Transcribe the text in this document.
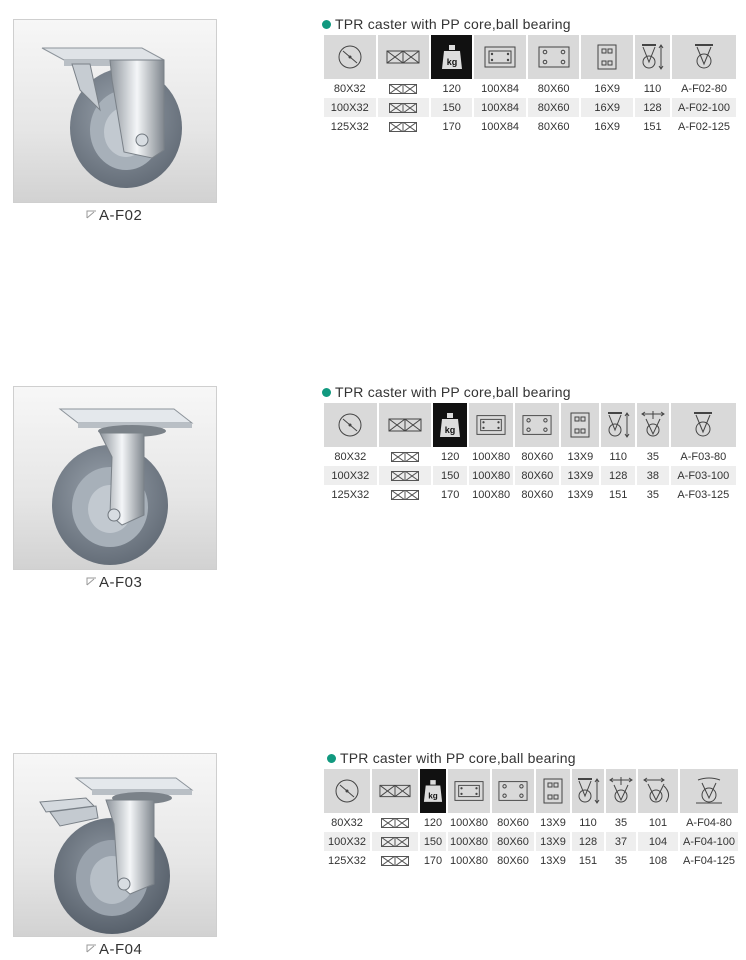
A-F02
TPR caster with PP core,ball bearing

kg

80X32		120	100X84	80X60	16X9	110	A-F02-80
100X32		150	100X84	80X60	16X9	128	A-F02-100
125X32		170	100X84	80X60	16X9	151	A-F02-125
A-F03
TPR caster with PP core,ball bearing

kg

80X32		120	100X80	80X60	13X9	110	35	A-F03-80
100X32		150	100X80	80X60	13X9	128	38	A-F03-100
125X32		170	100X80	80X60	13X9	151	35	A-F03-125
A-F04
TPR caster with PP core,ball bearing

kg

80X32		120	100X80	80X60	13X9	110	35	101	A-F04-80
100X32		150	100X80	80X60	13X9	128	37	104	A-F04-100
125X32		170	100X80	80X60	13X9	151	35	108	A-F04-125
